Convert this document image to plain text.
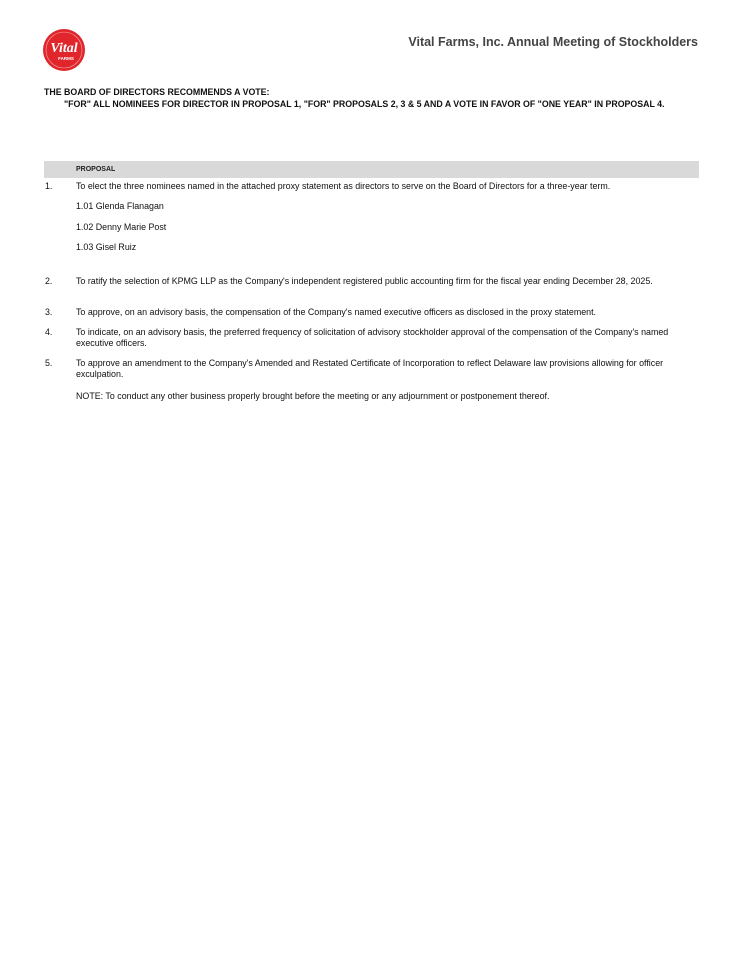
Vital
FARMS
Vital Farms, Inc. Annual Meeting of Stockholders
THE BOARD OF DIRECTORS RECOMMENDS A VOTE:
"FOR" ALL NOMINEES FOR DIRECTOR IN PROPOSAL 1, "FOR" PROPOSALS 2, 3 & 5 AND A VOTE IN FAVOR OF "ONE YEAR" IN PROPOSAL 4.
PROPOSAL
1.	To elect the three nominees named in the attached proxy statement as directors to serve on the Board of Directors for a three-year term.
1.01 Glenda Flanagan
1.02 Denny Marie Post
1.03 Gisel Ruiz
2.	To ratify the selection of KPMG LLP as the Company's independent registered public accounting firm for the fiscal year ending December 28, 2025.
3.	To approve, on an advisory basis, the compensation of the Company's named executive officers as disclosed in the proxy statement.
4.	To indicate, on an advisory basis, the preferred frequency of solicitation of advisory stockholder approval of the compensation of the Company's named executive officers.
5.	To approve an amendment to the Company's Amended and Restated Certificate of Incorporation to reflect Delaware law provisions allowing for officer exculpation.
NOTE: To conduct any other business properly brought before the meeting or any adjournment or postponement thereof.
